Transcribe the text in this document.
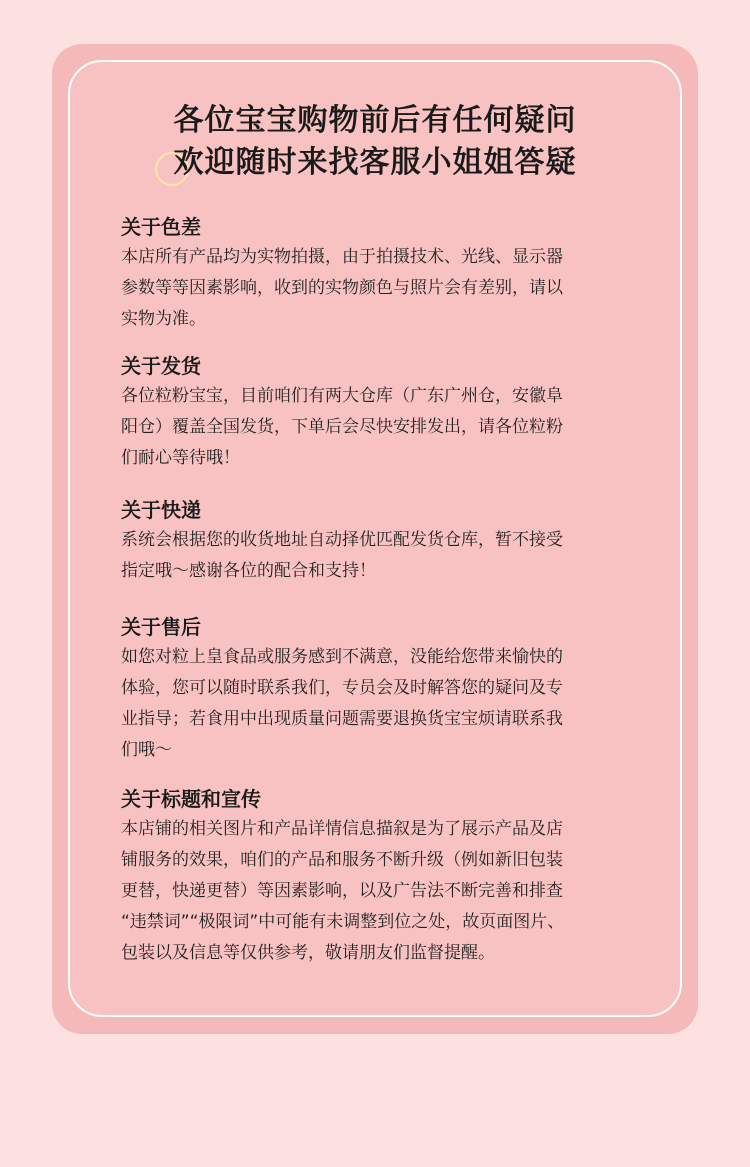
各位宝宝购物前后有任何疑问
欢迎随时来找客服小姐姐答疑
关于色差

本店所有产品均为实物拍摄，由于拍摄技术、光线、显示器
参数等等因素影响，收到的实物颜色与照片会有差别，请以
实物为准。

关于发货

各位粒粉宝宝，目前咱们有两大仓库（广东广州仓，安徽阜
阳仓）覆盖全国发货，下单后会尽快安排发出，请各位粒粉
们耐心等待哦！

关于快递

系统会根据您的收货地址自动择优匹配发货仓库，暂不接受
指定哦～感谢各位的配合和支持！

关于售后

如您对粒上皇食品或服务感到不满意，没能给您带来愉快的
体验，您可以随时联系我们，专员会及时解答您的疑问及专
业指导；若食用中出现质量问题需要退换货宝宝烦请联系我
们哦～

关于标题和宣传

本店铺的相关图片和产品详情信息描叙是为了展示产品及店
铺服务的效果，咱们的产品和服务不断升级（例如新旧包装
更替，快递更替）等因素影响，以及广告法不断完善和排查
“违禁词”“极限词”中可能有未调整到位之处，故页面图片、
包装以及信息等仅供参考，敬请朋友们监督提醒。
